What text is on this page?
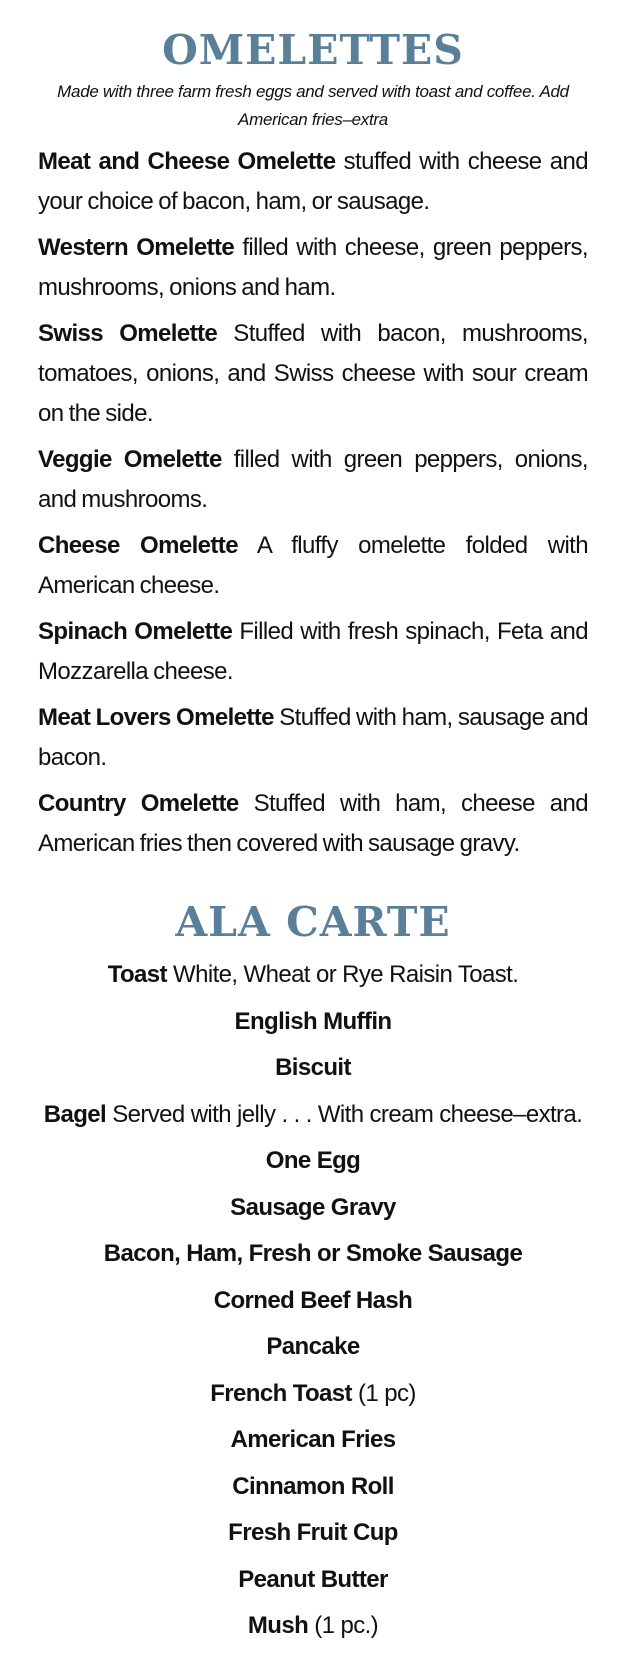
OMELETTES

Made with three farm fresh eggs and served with toast and coffee. Add American fries–extra

Meat and Cheese Omelette stuffed with cheese and your choice of bacon, ham, or sausage.
Western Omelette filled with cheese, green peppers, mushrooms, onions and ham.
Swiss Omelette Stuffed with bacon, mushrooms, tomatoes, onions, and Swiss cheese with sour cream on the side.
Veggie Omelette filled with green peppers, onions, and mushrooms.
Cheese Omelette A fluffy omelette folded with American cheese.
Spinach Omelette Filled with fresh spinach, Feta and Mozzarella cheese.
Meat Lovers Omelette Stuffed with ham, sausage and bacon.
Country Omelette Stuffed with ham, cheese and American fries then covered with sausage gravy.
ALA CARTE
Toast White, Wheat or Rye Raisin Toast.
English Muffin
Biscuit
Bagel Served with jelly . . . With cream cheese–extra.
One Egg
Sausage Gravy
Bacon, Ham, Fresh or Smoke Sausage
Corned Beef Hash
Pancake
French Toast (1 pc)
American Fries
Cinnamon Roll
Fresh Fruit Cup
Peanut Butter
Mush (1 pc.)
